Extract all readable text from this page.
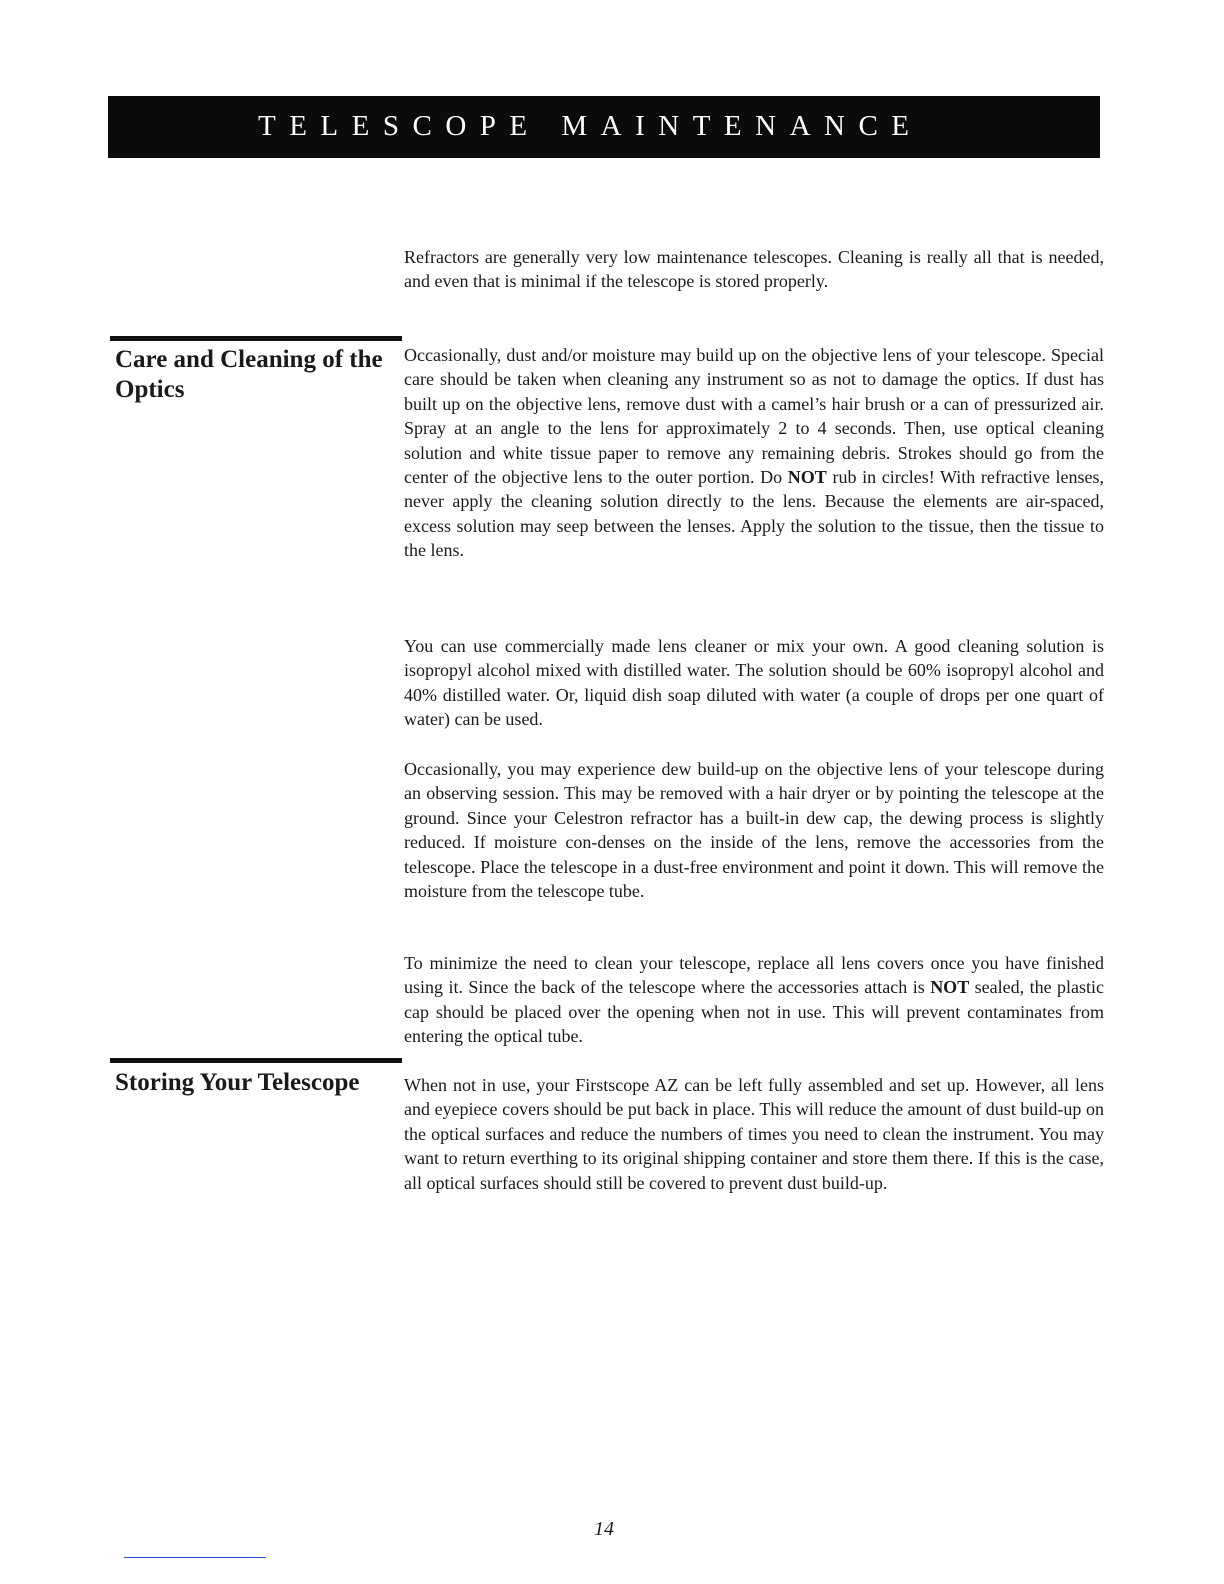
TELESCOPE MAINTENANCE

Refractors are generally very low maintenance telescopes. Cleaning is really all that is needed, and even that is minimal if the telescope is stored properly.

Care and Cleaning of the Optics

Occasionally, dust and/or moisture may build up on the objective lens of your telescope. Special care should be taken when cleaning any instrument so as not to damage the optics. If dust has built up on the objective lens, remove dust with a camel’s hair brush or a can of pressurized air. Spray at an angle to the lens for approximately 2 to 4 seconds. Then, use optical cleaning solution and white tissue paper to remove any remaining debris. Strokes should go from the center of the objective lens to the outer portion. Do NOT rub in circles! With refractive lenses, never apply the cleaning solution directly to the lens. Because the elements are air-spaced, excess solution may seep between the lenses. Apply the solution to the tissue, then the tissue to the lens.

You can use commercially made lens cleaner or mix your own. A good cleaning solution is isopropyl alcohol mixed with distilled water. The solution should be 60% isopropyl alcohol and 40% distilled water. Or, liquid dish soap diluted with water (a couple of drops per one quart of water) can be used.

Occasionally, you may experience dew build-up on the objective lens of your telescope during an observing session. This may be removed with a hair dryer or by pointing the telescope at the ground. Since your Celestron refractor has a built-in dew cap, the dewing process is slightly reduced. If moisture con-denses on the inside of the lens, remove the accessories from the telescope. Place the telescope in a dust-free environment and point it down. This will remove the moisture from the telescope tube.

To minimize the need to clean your telescope, replace all lens covers once you have finished using it. Since the back of the telescope where the accessories attach is NOT sealed, the plastic cap should be placed over the opening when not in use. This will prevent contaminates from entering the optical tube.

Storing Your Telescope	When not in use, your Firstscope AZ can be left fully assembled and set up. However, all lens and eyepiece covers should be put back in place. This will reduce the amount of dust build-up on the optical surfaces and reduce the numbers of times you need to clean the instrument. You may want to return everthing to its original shipping container and store them there. If this is the case, all optical surfaces should still be covered to prevent dust build-up.

14
